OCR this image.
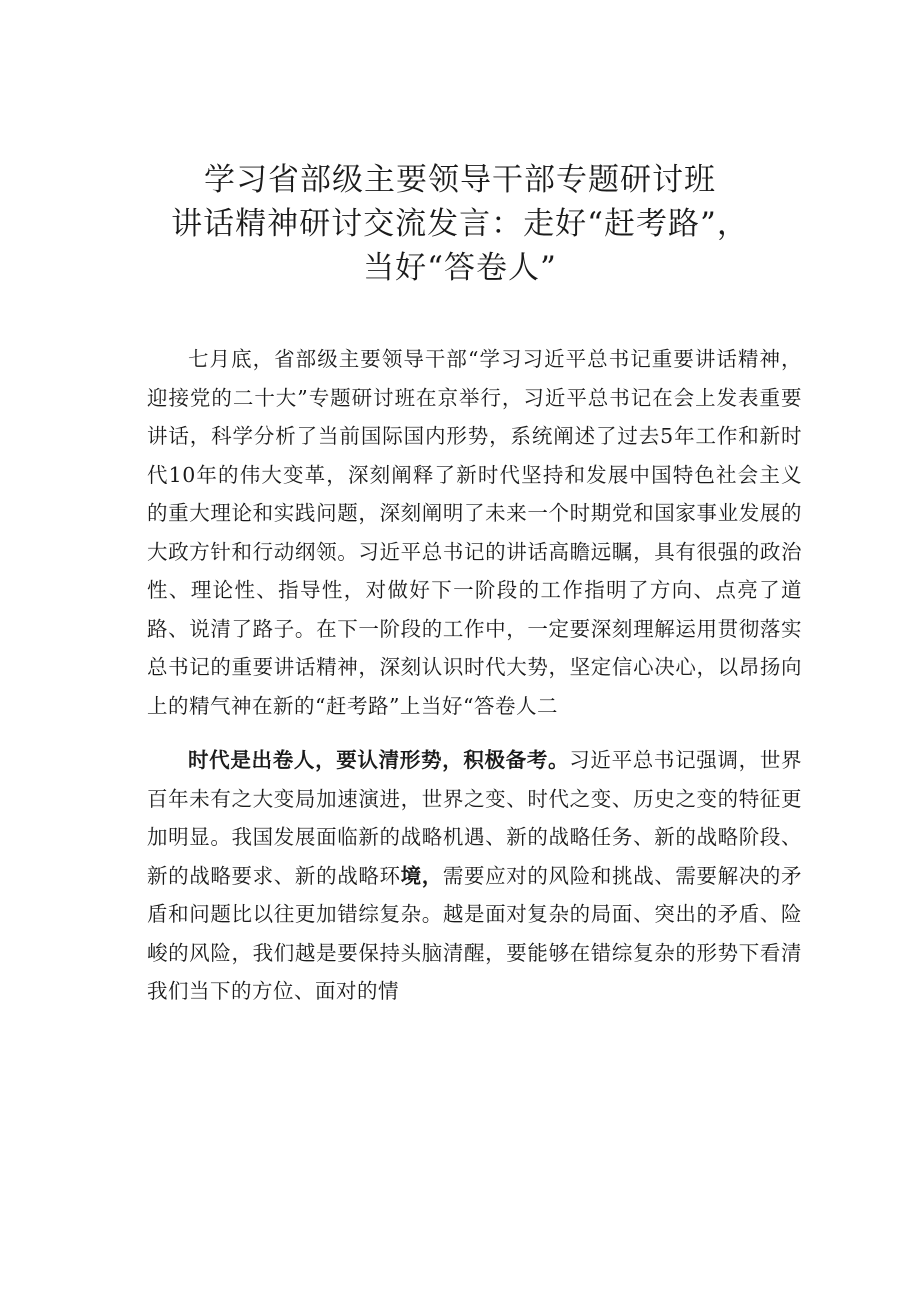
学习省部级主要领导干部专题研讨班
讲话精神研讨交流发言：走好“赶考路”，
当好“答卷人”

七月底，省部级主要领导干部“学习习近平总书记重要讲话精神，迎接党的二十大”专题研讨班在京举行，习近平总书记在会上发表重要讲话，科学分析了当前国际国内形势，系统阐述了过去5年工作和新时代10年的伟大变革，深刻阐释了新时代坚持和发展中国特色社会主义的重大理论和实践问题，深刻阐明了未来一个时期党和国家事业发展的大政方针和行动纲领。习近平总书记的讲话高瞻远瞩，具有很强的政治性、理论性、指导性，对做好下一阶段的工作指明了方向、点亮了道路、说清了路子。在下一阶段的工作中，一定要深刻理解运用贯彻落实总书记的重要讲话精神，深刻认识时代大势，坚定信心决心，以昂扬向上的精气神在新的“赶考路”上当好“答卷人二

时代是出卷人，要认清形势，积极备考。习近平总书记强调，世界百年未有之大变局加速演进，世界之变、时代之变、历史之变的特征更加明显。我国发展面临新的战略机遇、新的战略任务、新的战略阶段、新的战略要求、新的战略环境，需要应对的风险和挑战、需要解决的矛盾和问题比以往更加错综复杂。越是面对复杂的局面、突出的矛盾、险峻的风险，我们越是要保持头脑清醒，要能够在错综复杂的形势下看清我们当下的方位、面对的情
